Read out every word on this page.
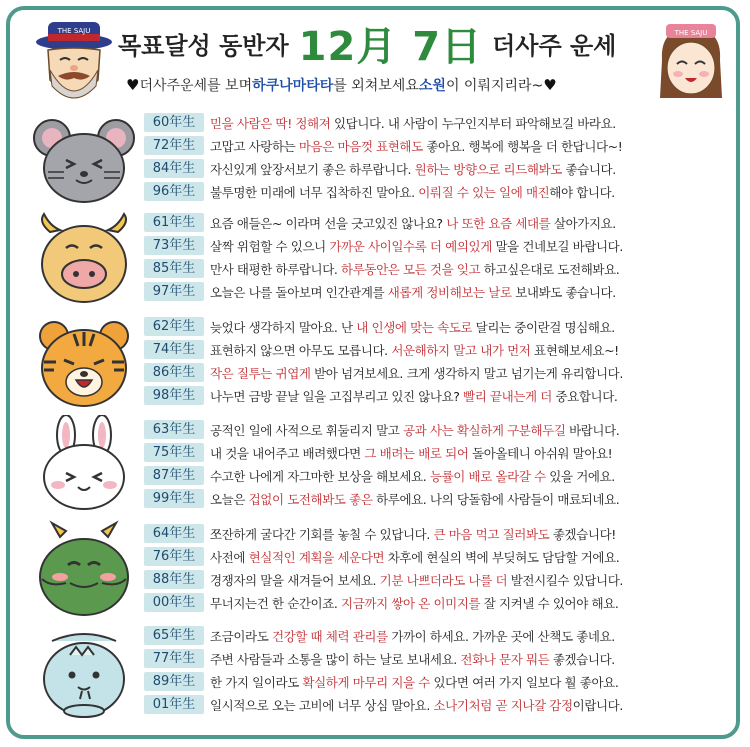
THE SAJU	THE SAJU
목표달성 동반자 12月 7日 더사주 운세
♥ 더사주운세를 보며 하쿠나마타타 를 외쳐보세요 소원 이 이뤄지리라~ ♥
60年生	믿을 사람은 딱! 정해져 있답니다. 내 사람이 누구인지부터 파악해보길 바라요.
72年生	고맙고 사랑하는 마음은 마음껏 표현해도 좋아요. 행복에 행복을 더 한답니다~!
84年生	자신있게 앞장서보기 좋은 하루랍니다. 원하는 방향으로 리드해봐도 좋습니다.
96年生	불투명한 미래에 너무 집착하진 말아요. 이뤄질 수 있는 일에 매진해야 합니다.
61年生	요즘 애들은~ 이라며 선을 긋고있진 않나요? 나 또한 요즘 세대를 살아가지요.
73年生	살짝 위험할 수 있으니 가까운 사이일수록 더 예의있게 말을 건네보길 바랍니다.
85年生	만사 태평한 하루랍니다. 하루동안은 모든 것을 잊고 하고싶은대로 도전해봐요.
97年生	오늘은 나를 돌아보며 인간관계를 새롭게 정비해보는 날로 보내봐도 좋습니다.
62年生	늦었다 생각하지 말아요. 난 내 인생에 맞는 속도로 달리는 중이란걸 명심해요.
74年生	표현하지 않으면 아무도 모릅니다. 서운해하지 말고 내가 먼저 표현해보세요~!
86年生	작은 질투는 귀엽게 받아 넘겨보세요. 크게 생각하지 말고 넘기는게 유리합니다.
98年生	나누면 금방 끝날 일을 고집부리고 있진 않나요? 빨리 끝내는게 더 중요합니다.
63年生	공적인 일에 사적으로 휘둘리지 말고 공과 사는 확실하게 구분해두길 바랍니다.
75年生	내 것을 내어주고 배려했다면 그 배려는 배로 되어 돌아올테니 아쉬워 말아요!
87年生	수고한 나에게 자그마한 보상을 해보세요. 능률이 배로 올라갈 수 있을 거에요.
99年生	오늘은 겁없이 도전해봐도 좋은 하루에요. 나의 당돌함에 사람들이 매료되네요.
64年生	쪼잔하게 굴다간 기회를 놓칠 수 있답니다. 큰 마음 먹고 질러봐도 좋겠습니다!
76年生	사전에 현실적인 계획을 세운다면 차후에 현실의 벽에 부딪혀도 담담할 거에요.
88年生	경쟁자의 말을 새겨들어 보세요. 기분 나쁘더라도 나를 더 발전시킬수 있답니다.
00年生	무너지는건 한 순간이죠. 지금까지 쌓아 온 이미지를 잘 지켜낼 수 있어야 해요.
65年生	조금이라도 건강할 때 체력 관리를 가까이 하세요. 가까운 곳에 산책도 좋네요.
77年生	주변 사람들과 소통을 많이 하는 날로 보내세요. 전화나 문자 뭐든 좋겠습니다.
89年生	한 가지 일이라도 확실하게 마무리 지을 수 있다면 여러 가지 일보다 훨 좋아요.
01年生	일시적으로 오는 고비에 너무 상심 말아요. 소나기처럼 곧 지나갈 감정이랍니다.
